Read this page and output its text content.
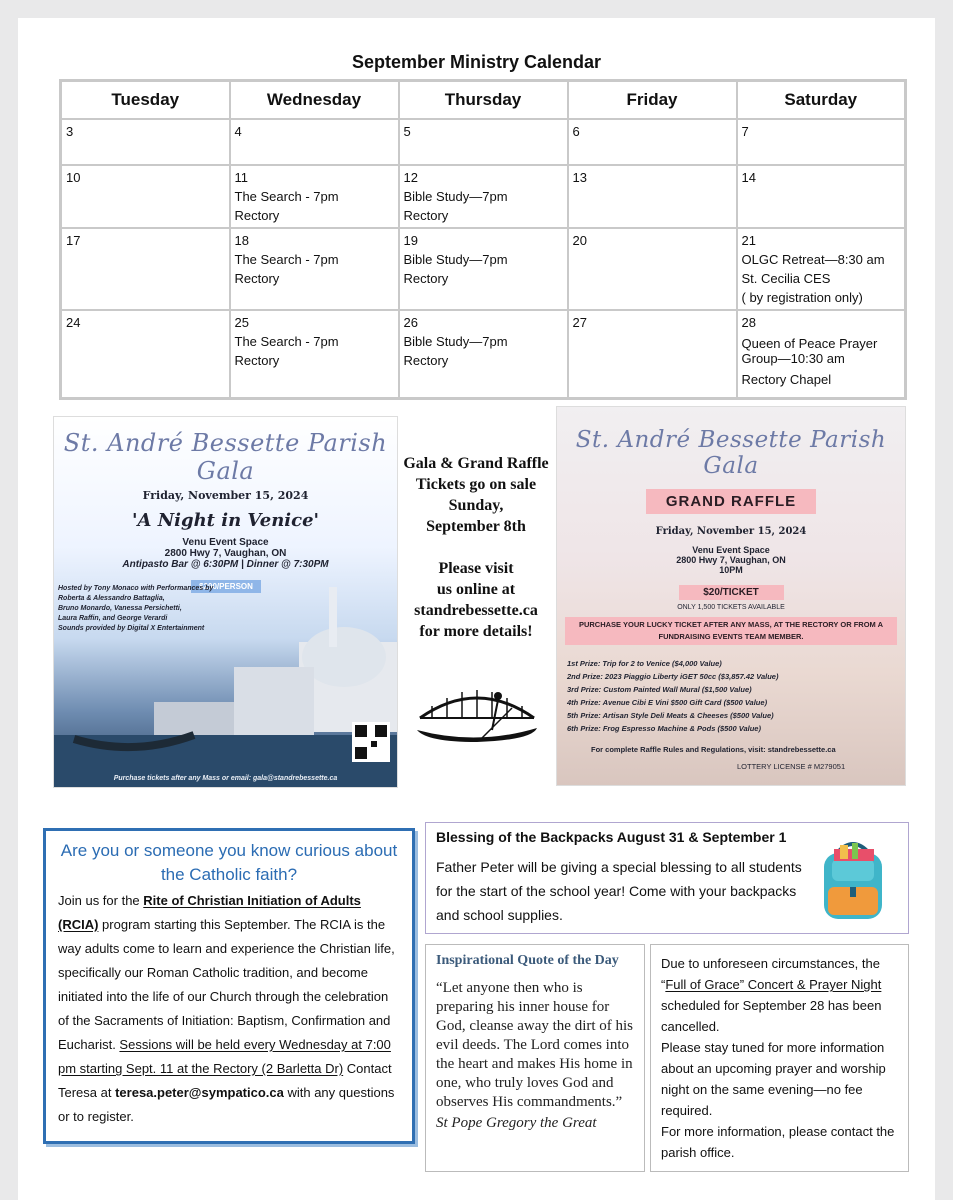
September Ministry Calendar
Tuesday	Wednesday	Thursday	Friday	Saturday

3	4	5	6	7

10	11
The Search - 7pm
Rectory	12
Bible Study—7pm
Rectory	13	14

17	18
The Search - 7pm
Rectory	19
Bible Study—7pm
Rectory	20	21
OLGC Retreat—8:30 am
St. Cecilia CES
( by registration only)

24	25
The Search - 7pm
Rectory	26
Bible Study—7pm
Rectory	27	28
Queen of Peace Prayer Group—10:30 am
Rectory Chapel
St. André Bessette Parish Gala
Friday, November 15, 2024
'A Night in Venice'
Venu Event Space
2800 Hwy 7, Vaughan, ON
Antipasto Bar @ 6:30PM | Dinner @ 7:30PM
$200/PERSON
Hosted by Tony Monaco with Performances by
Roberta & Alessandro Battaglia,
Bruno Monardo, Vanessa Persichetti,
Laura Raffin, and George Verardi
Sounds provided by Digital X Entertainment
Purchase tickets after any Mass or email: gala@standrebessette.ca
Gala & Grand Raffle
Tickets go on sale
Sunday,
September 8th
Please visit
us online at
standrebessette.ca
for more details!
St. André Bessette Parish Gala
GRAND RAFFLE
Friday, November 15, 2024
Venu Event Space
2800 Hwy 7, Vaughan, ON
10PM
$20/TICKET
ONLY 1,500 TICKETS AVAILABLE
PURCHASE YOUR LUCKY TICKET AFTER ANY MASS, AT THE RECTORY OR FROM A FUNDRAISING EVENTS TEAM MEMBER.
1st Prize: Trip for 2 to Venice ($4,000 Value)
2nd Prize: 2023 Piaggio Liberty iGET 50cc ($3,857.42 Value)
3rd Prize: Custom Painted Wall Mural ($1,500 Value)
4th Prize: Avenue Cibi E Vini $500 Gift Card ($500 Value)
5th Prize: Artisan Style Deli Meats & Cheeses ($500 Value)
6th Prize: Frog Espresso Machine & Pods ($500 Value)
For complete Raffle Rules and Regulations, visit: standrebessette.ca
LOTTERY LICENSE # M279051
Are you or someone you know curious about the Catholic faith?
Join us for the Rite of Christian Initiation of Adults (RCIA) program starting this September. The RCIA is the way adults come to learn and experience the Christian life, specifically our Roman Catholic tradition, and become initiated into the life of our Church through the celebration of the Sacraments of Initiation: Baptism, Confirmation and Eucharist. Sessions will be held every Wednesday at 7:00 pm starting Sept. 11 at the Rectory (2 Barletta Dr) Contact Teresa at teresa.peter@sympatico.ca with any questions or to register.
Blessing of the Backpacks August 31 & September 1

Father Peter will be giving a special blessing to all students for the start of the school year! Come with your backpacks and school supplies.

Inspirational Quote of the Day

“Let anyone then who is preparing his inner house for God, cleanse away the dirt of his evil deeds. The Lord comes into the heart and makes His home in one, who truly loves God and observes His commandments.”

St Pope Gregory the Great

Due to unforeseen circumstances, the “Full of Grace” Concert & Prayer Night scheduled for September 28 has been cancelled.

Please stay tuned for more information about an upcoming prayer and worship night on the same evening—no fee required.

For more information, please contact the parish office.
